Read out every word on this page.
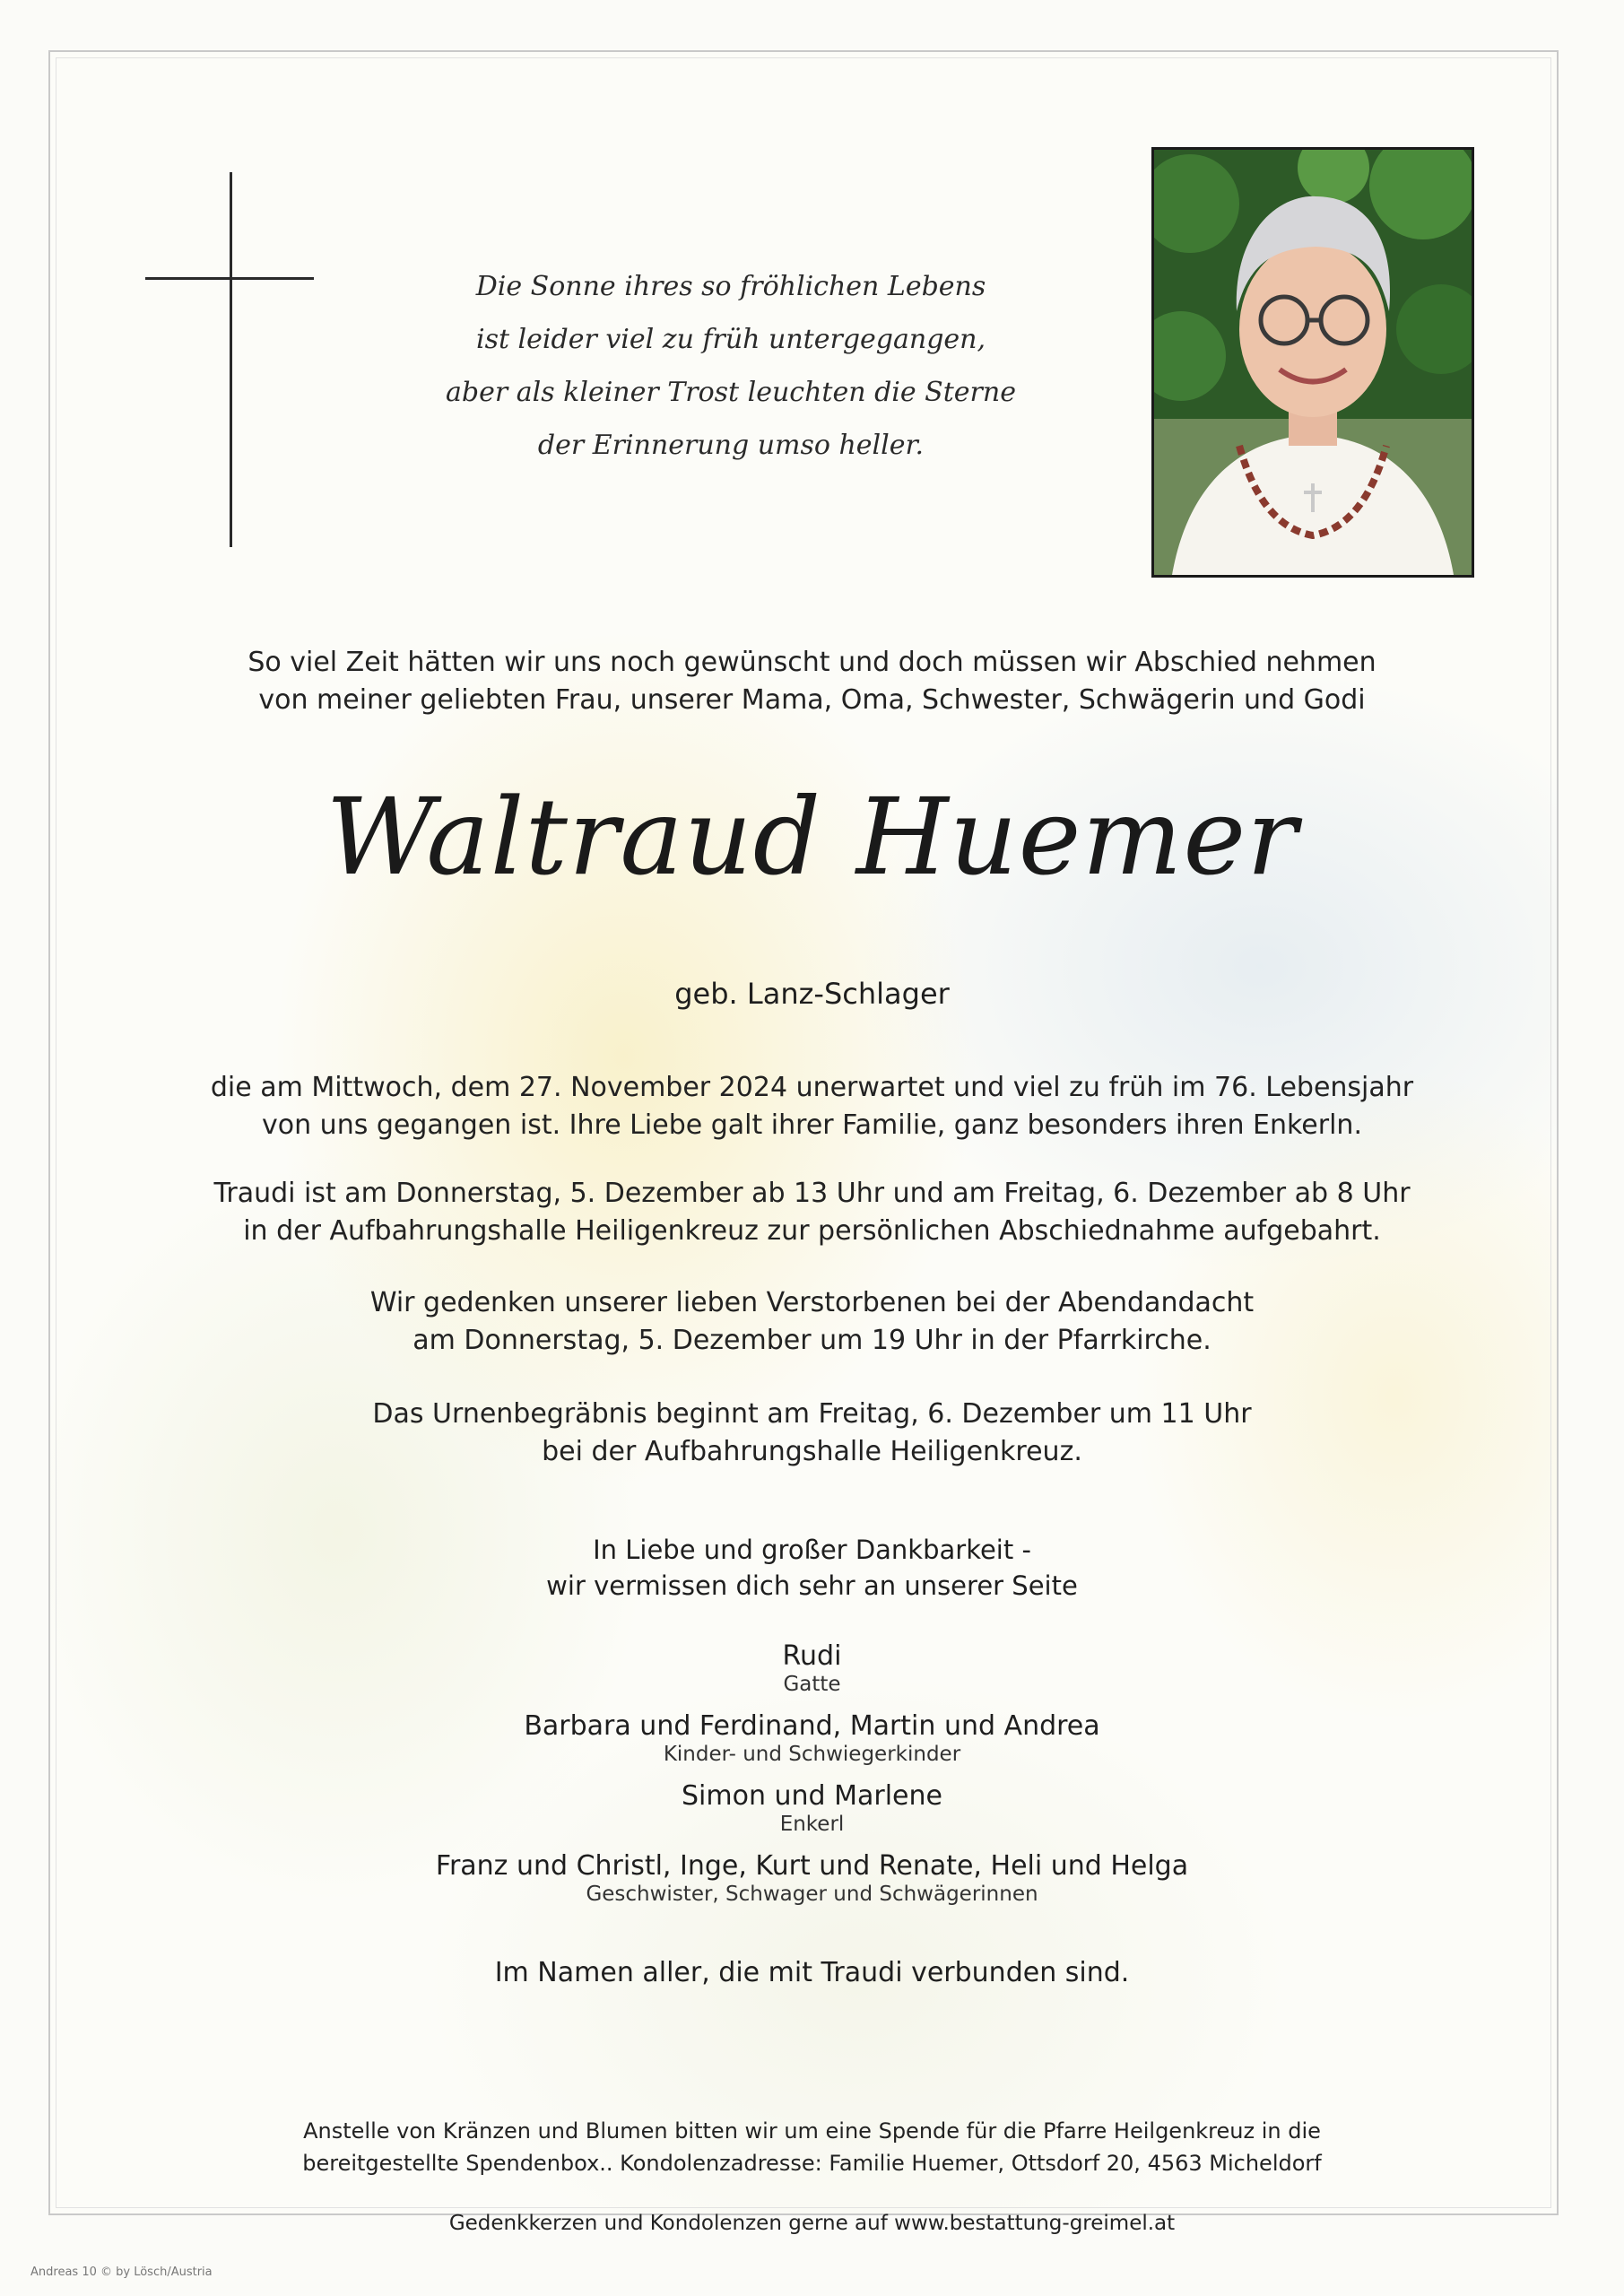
Die Sonne ihres so fröhlichen Lebens
ist leider viel zu früh untergegangen,
aber als kleiner Trost leuchten die Sterne
der Erinnerung umso heller.
So viel Zeit hätten wir uns noch gewünscht und doch müssen wir Abschied nehmen
von meiner geliebten Frau, unserer Mama, Oma, Schwester, Schwägerin und Godi
Waltraud Huemer
geb. Lanz-Schlager
die am Mittwoch, dem 27. November 2024 unerwartet und viel zu früh im 76. Lebensjahr
von uns gegangen ist. Ihre Liebe galt ihrer Familie, ganz besonders ihren Enkerln.
Traudi ist am Donnerstag, 5. Dezember ab 13 Uhr und am Freitag, 6. Dezember ab 8 Uhr
in der Aufbahrungshalle Heiligenkreuz zur persönlichen Abschiednahme aufgebahrt.
Wir gedenken unserer lieben Verstorbenen bei der Abendandacht
am Donnerstag, 5. Dezember um 19 Uhr in der Pfarrkirche.
Das Urnenbegräbnis beginnt am Freitag, 6. Dezember um 11 Uhr
bei der Aufbahrungshalle Heiligenkreuz.
In Liebe und großer Dankbarkeit -
wir vermissen dich sehr an unserer Seite
Rudi
Gatte
Barbara und Ferdinand, Martin und Andrea
Kinder- und Schwiegerkinder
Simon und Marlene
Enkerl
Franz und Christl, Inge, Kurt und Renate, Heli und Helga
Geschwister, Schwager und Schwägerinnen
Im Namen aller, die mit Traudi verbunden sind.
Anstelle von Kränzen und Blumen bitten wir um eine Spende für die Pfarre Heilgenkreuz in die
bereitgestellte Spendenbox.. Kondolenzadresse: Familie Huemer, Ottsdorf 20, 4563 Micheldorf
Gedenkkerzen und Kondolenzen gerne auf www.bestattung-greimel.at
Andreas 10 © by Lösch/Austria
